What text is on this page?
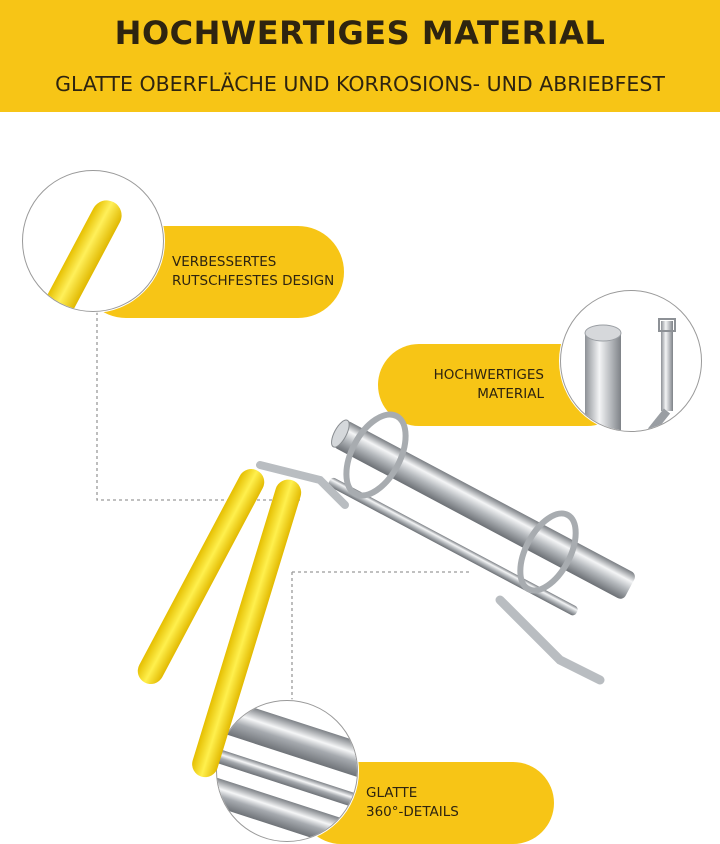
HOCHWERTIGES MATERIAL
GLATTE OBERFLÄCHE UND KORROSIONS- UND ABRIEBFEST
VERBESSERTES
RUTSCHFESTES DESIGN
HOCHWERTIGES
MATERIAL
GLATTE
360°-DETAILS
